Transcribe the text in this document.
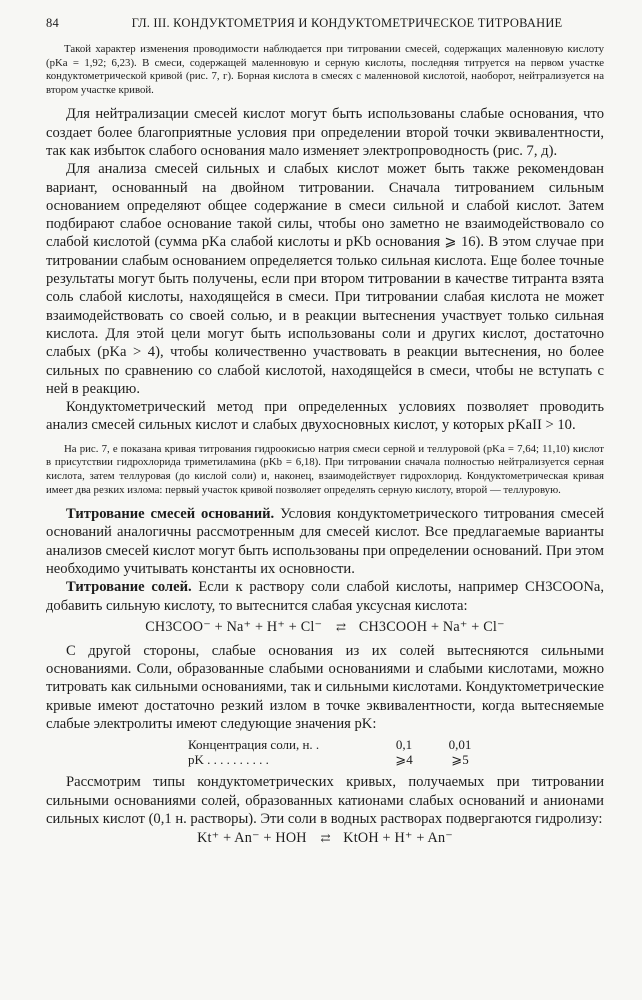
84	ГЛ. III. КОНДУКТОМЕТРИЯ И КОНДУКТОМЕТРИЧЕСКОЕ ТИТРОВАНИЕ

Такой характер изменения проводимости наблюдается при титровании смесей, содержащих маленновую кислоту (pKa = 1,92; 6,23). В смеси, содержащей маленновую и серную кислоты, последняя титруется на первом участке кондуктометрической кривой (рис. 7, г). Борная кислота в смесях с маленновой кислотой, наоборот, нейтрализуется на втором участке кривой.

Для нейтрализации смесей кислот могут быть использованы слабые основания, что создает более благоприятные условия при определении второй точки эквивалентности, так как избыток слабого основания мало изменяет электропроводность (рис. 7, д).

Для анализа смесей сильных и слабых кислот может быть также рекомендован вариант, основанный на двойном титровании. Сначала титрованием сильным основанием определяют общее содержание в смеси сильной и слабой кислот. Затем подбирают слабое основание такой силы, чтобы оно заметно не взаимодействовало со слабой кислотой (сумма pKa слабой кислоты и pKb основания ⩾ 16). В этом случае при титровании слабым основанием определяется только сильная кислота. Еще более точные результаты могут быть получены, если при втором титровании в качестве титранта взята соль слабой кислоты, находящейся в смеси. При титровании слабая кислота не может взаимодействовать со своей солью, и в реакции вытеснения участвует только сильная кислота. Для этой цели могут быть использованы соли и других кислот, достаточно слабых (pKa > 4), чтобы количественно участвовать в реакции вытеснения, но более сильных по сравнению со слабой кислотой, находящейся в смеси, чтобы не вступать с ней в реакцию.

Кондуктометрический метод при определенных условиях позволяет проводить анализ смесей сильных кислот и слабых двухосновных кислот, у которых pKaII > 10.

На рис. 7, е показана кривая титрования гидроокисью натрия смеси серной и теллуровой (pKa = 7,64; 11,10) кислот в присутствии гидрохлорида триметиламина (pKb = 6,18). При титровании сначала полностью нейтрализуется серная кислота, затем теллуровая (до кислой соли) и, наконец, взаимодействует гидрохлорид. Кондуктометрическая кривая имеет два резких излома: первый участок кривой позволяет определять серную кислоту, второй — теллуровую.

Титрование смесей оснований. Условия кондуктометрического титрования смесей оснований аналогичны рассмотренным для смесей кислот. Все предлагаемые варианты анализов смесей кислот могут быть использованы при определении оснований. При этом необходимо учитывать константы их основности.

Титрование солей. Если к раствору соли слабой кислоты, например CH3COONa, добавить сильную кислоту, то вытеснится слабая уксусная кислота:

CH3COO⁻ + Na⁺ + H⁺ + Cl⁻ ⇄ CH3COOH + Na⁺ + Cl⁻

С другой стороны, слабые основания из их солей вытесняются сильными основаниями. Соли, образованные слабыми основаниями и слабыми кислотами, можно титровать как сильными основаниями, так и сильными кислотами. Кондуктометрические кривые имеют достаточно резкий излом в точке эквивалентности, когда вытесняемые слабые электролиты имеют следующие значения pK:

Концентрация соли, н. .	0,1	0,01
pK . . . . . . . . . .	⩾4	⩾5

Рассмотрим типы кондуктометрических кривых, получаемых при титровании сильными основаниями солей, образованных катионами слабых оснований и анионами сильных кислот (0,1 н. растворы). Эти соли в водных растворах подвергаются гидролизу:

Kt⁺ + An⁻ + HOH ⇄ KtOH + H⁺ + An⁻
